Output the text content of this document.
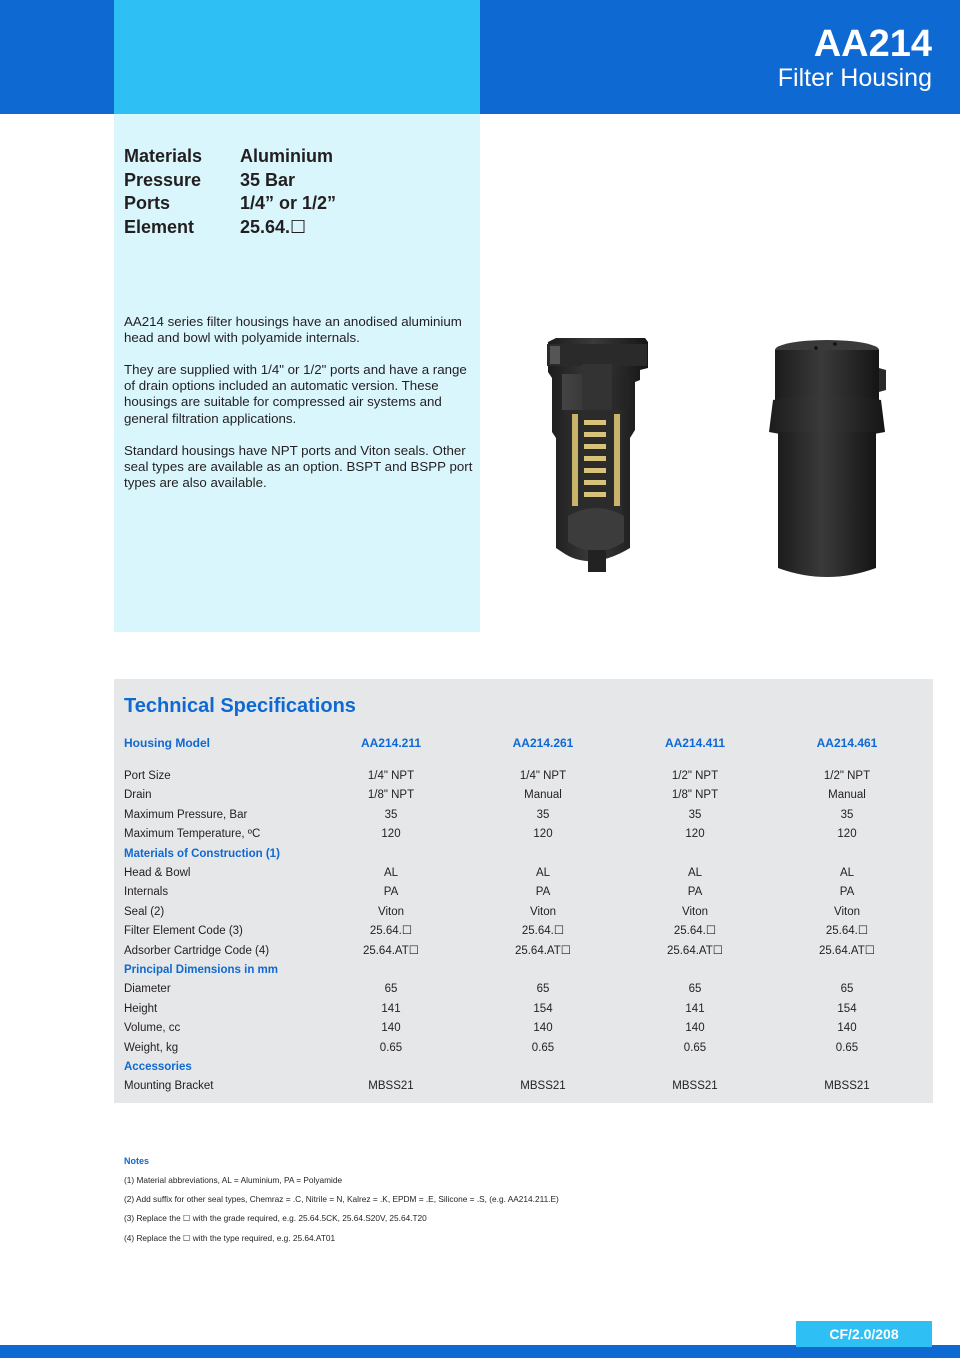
AA214
Filter Housing
Materials Aluminium
Pressure 35 Bar
Ports	1/4” or 1/2”
Element	25.64.☐

AA214 series filter housings have an anodised aluminium head and bowl with polyamide internals.

They are supplied with 1/4" or 1/2" ports and have a range of drain options included an automatic version. These housings are suitable for compressed air systems and general filtration applications.

Standard housings have NPT ports and Viton seals. Other seal types are available as an option. BSPT and BSPP port types are also available.

Technical Specifications
Housing Model	AA214.211	AA214.261	AA214.411	AA214.461
Port Size	1/4" NPT	1/4" NPT	1/2" NPT	1/2" NPT
Drain	1/8" NPT	Manual	1/8" NPT	Manual
Maximum Pressure, Bar	35	35	35	35
Maximum Temperature, ºC	120	120	120	120
Materials of Construction (1)
Head & Bowl	AL	AL	AL	AL
Internals	PA	PA	PA	PA
Seal (2)	Viton	Viton	Viton	Viton
Filter Element Code (3)	25.64.☐	25.64.☐	25.64.☐	25.64.☐
Adsorber Cartridge Code (4)	25.64.AT☐	25.64.AT☐	25.64.AT☐	25.64.AT☐
Principal Dimensions in mm
Diameter	65	65	65	65
Height	141	154	141	154
Volume, cc	140	140	140	140
Weight, kg	0.65	0.65	0.65	0.65
Accessories
Mounting Bracket	MBSS21	MBSS21	MBSS21	MBSS21
Notes
(1) Material abbreviations, AL = Aluminium, PA = Polyamide
(2) Add suffix for other seal types, Chemraz = .C, Nitrile = N, Kalrez = .K, EPDM = .E, Silicone = .S, (e.g. AA214.211.E)
(3) Replace the ☐ with the grade required, e.g. 25.64.5CK, 25.64.S20V, 25.64.T20
(4) Replace the ☐ with the type required, e.g. 25.64.AT01
CF/2.0/208
